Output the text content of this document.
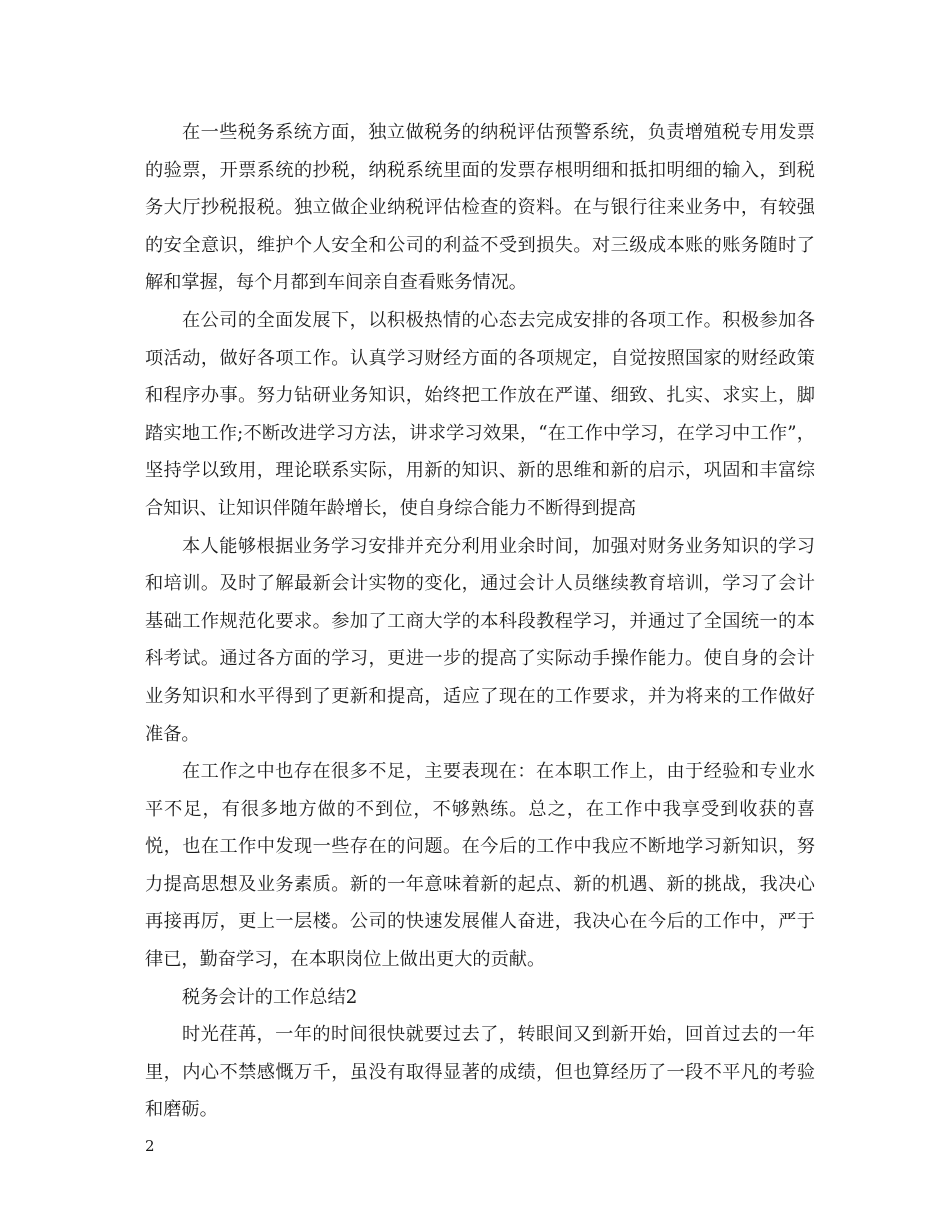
在一些税务系统方面，独立做税务的纳税评估预警系统，负责增殖税专用发票的验票，开票系统的抄税，纳税系统里面的发票存根明细和抵扣明细的输入，到税务大厅抄税报税。独立做企业纳税评估检查的资料。在与银行往来业务中，有较强的安全意识，维护个人安全和公司的利益不受到损失。对三级成本账的账务随时了解和掌握，每个月都到车间亲自查看账务情况。

在公司的全面发展下，以积极热情的心态去完成安排的各项工作。积极参加各项活动，做好各项工作。认真学习财经方面的各项规定，自觉按照国家的财经政策和程序办事。努力钻研业务知识，始终把工作放在严谨、细致、扎实、求实上，脚踏实地工作;不断改进学习方法，讲求学习效果，“在工作中学习，在学习中工作”，坚持学以致用，理论联系实际，用新的知识、新的思维和新的启示，巩固和丰富综合知识、让知识伴随年龄增长，使自身综合能力不断得到提高

本人能够根据业务学习安排并充分利用业余时间，加强对财务业务知识的学习和培训。及时了解最新会计实物的变化，通过会计人员继续教育培训，学习了会计基础工作规范化要求。参加了工商大学的本科段教程学习，并通过了全国统一的本科考试。通过各方面的学习，更进一步的提高了实际动手操作能力。使自身的会计业务知识和水平得到了更新和提高，适应了现在的工作要求，并为将来的工作做好准备。

在工作之中也存在很多不足，主要表现在：在本职工作上，由于经验和专业水平不足，有很多地方做的不到位，不够熟练。总之，在工作中我享受到收获的喜悦，也在工作中发现一些存在的问题。在今后的工作中我应不断地学习新知识，努力提高思想及业务素质。新的一年意味着新的起点、新的机遇、新的挑战，我决心再接再厉，更上一层楼。公司的快速发展催人奋进，我决心在今后的工作中，严于律已，勤奋学习，在本职岗位上做出更大的贡献。

税务会计的工作总结2

时光荏苒，一年的时间很快就要过去了，转眼间又到新开始，回首过去的一年里，内心不禁感慨万千，虽没有取得显著的成绩，但也算经历了一段不平凡的考验和磨砺。

2
